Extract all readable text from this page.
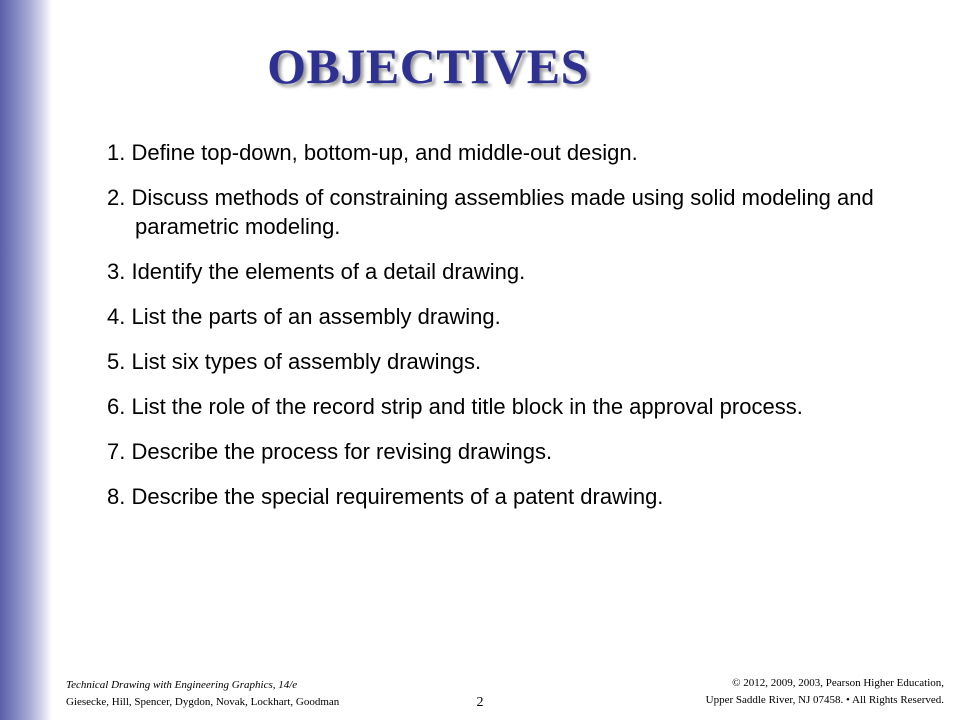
OBJECTIVES
1. Define top-down, bottom-up, and middle-out design.
2. Discuss methods of constraining assemblies made using solid modeling and parametric modeling.
3. Identify the elements of a detail drawing.
4. List the parts of an assembly drawing.
5. List six types of assembly drawings.
6. List the role of the record strip and title block in the approval process.
7. Describe the process for revising drawings.
8. Describe the special requirements of a patent drawing.
Technical Drawing with Engineering Graphics, 14/e
Giesecke, Hill, Spencer, Dygdon, Novak, Lockhart, Goodman	2
© 2012, 2009, 2003, Pearson Higher Education,
Upper Saddle River, NJ 07458. • All Rights Reserved.
